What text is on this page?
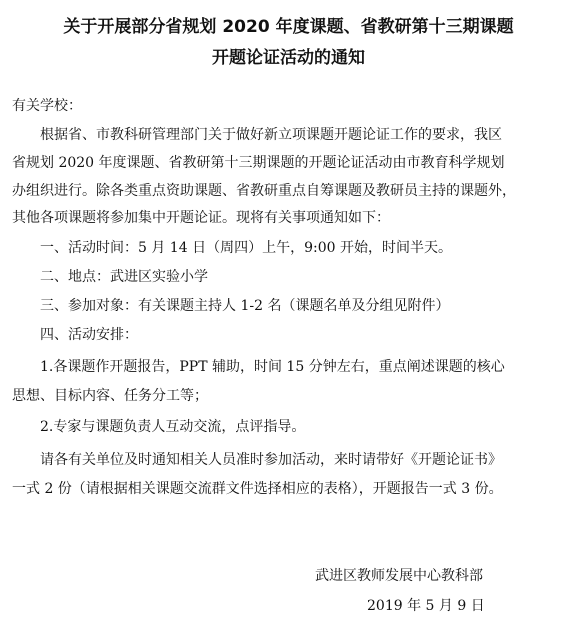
关于开展部分省规划 2020 年度课题、省教研第十三期课题
开题论证活动的通知
有关学校：
根据省、市教科研管理部门关于做好新立项课题开题论证工作的要求，我区
省规划 2020 年度课题、省教研第十三期课题的开题论证活动由市教育科学规划
办组织进行。除各类重点资助课题、省教研重点自筹课题及教研员主持的课题外，
其他各项课题将参加集中开题论证。现将有关事项通知如下：
一、活动时间：5 月 14 日（周四）上午，9:00 开始，时间半天。
二、地点：武进区实验小学
三、参加对象：有关课题主持人 1-2 名（课题名单及分组见附件）
四、活动安排：
1.各课题作开题报告，PPT 辅助，时间 15 分钟左右，重点阐述课题的核心
思想、目标内容、任务分工等；
2.专家与课题负责人互动交流，点评指导。
请各有关单位及时通知相关人员准时参加活动，来时请带好《开题论证书》
一式 2 份（请根据相关课题交流群文件选择相应的表格），开题报告一式 3 份。
武进区教师发展中心教科部
2019 年 5 月 9 日
